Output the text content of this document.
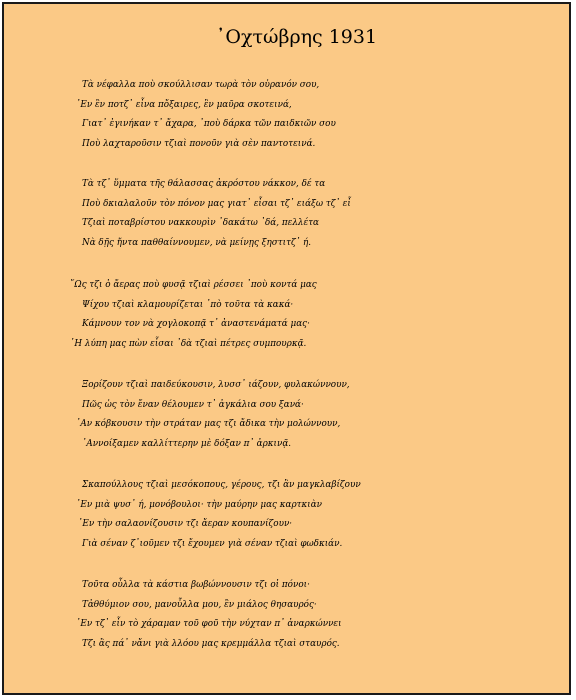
᾿Οχτώβρης 1931
Τὰ νέφαλλα ποὺ σκούλλισαν τωρὰ τὸν οὐρανόν σου,
᾿Εν ἒν ποτζ᾿ εἶνα πὄξαιρες, ἒν μαῦρα σκοτεινά,
Γιατ᾿ ἐγινήκαν τ᾿ ἄχαρα, ᾿ποὺ δάρκα τῶν παιδκιῶν σου
Ποὺ λαχταροῦσιν τζιαὶ πονοῦν γιὰ σὲν παντοτεινά.
Τὰ τζ᾿ ὕμματα τῆς θάλασσας ἀκρόστου νάκκον, δέ τα
Ποὺ δκιαλαλοῦν τὸν πόνον μας γιατ᾿ εἶσαι τζ᾿ ειάξω τζ᾿ εἶ
Τζιαὶ ποταβρίστου νακκουρὶν ᾿δακάτω ᾿δά, πελλέτα
Νὰ δῇς ἤντα παθθαίννουμεν, νὰ μείνῃς ξηστιτζ᾿ ή.
῞Ως τζι ὁ ἄερας ποὺ φυσᾷ τζιαὶ ρέσσει ᾿ποὺ κοντά μας
Ψίχου τζιαὶ κλαμουρίζεται ᾿πὸ τοῦτα τὰ κακά·
Κάμνουν τον νὰ χογλοκοπᾷ τ᾿ ἀναστενάματά μας·
῾Η λύπη μας πὼν εἶσαι ᾿δὰ τζιαὶ πέτρες συμπουρκᾷ.
Ξορίζουν τζιαὶ παιδεύκουσιν, λυσσ᾿ ιάζουν, φυλακώννουν,
Πῶς ὡς τὸν ἔναν θέλουμεν τ᾿ ἀγκάλια σου ξανά·
᾿Αν κόβκουσιν τὴν στράταν μας τζι ἄδικα τὴν μολώννουν,
᾿Αννοίξαμεν καλλίττερην μὲ δόξαν π᾿ ἀρκινᾷ.
Σκαπούλλους τζιαὶ μεσόκοπους, γέρους, τζι ἂν μαγκλαβίζουν
᾿Εν μιὰ ψυσ᾿ ή, μονόβουλοι· τὴν μαύρην μας καρτκιὰν
᾿Εν τὴν σαλαονίζουσιν τζι ἄεραν κουπανίζουν·
Γιὰ σέναν ζ᾿ιοῦμεν τζι ἔχουμεν γιὰ σέναν τζιαὶ φωδκιάν.
Τοῦτα οὖλλα τὰ κάστια βωβώννουσιν τζι οἱ πόνοι·
Τἀθθύμιον σου, μανοὖλλα μου, ἒν μιάλος θησαυρός·
᾿Εν τζ᾿ εἶν τὸ χάραμαν τοῦ φοῦ τὴν νύχταν π᾿ ἀναρκώννει
Τζι ἂς πά᾿ νἄνι γιὰ λλόου μας κρεμμάλλα τζιαὶ σταυρός.
